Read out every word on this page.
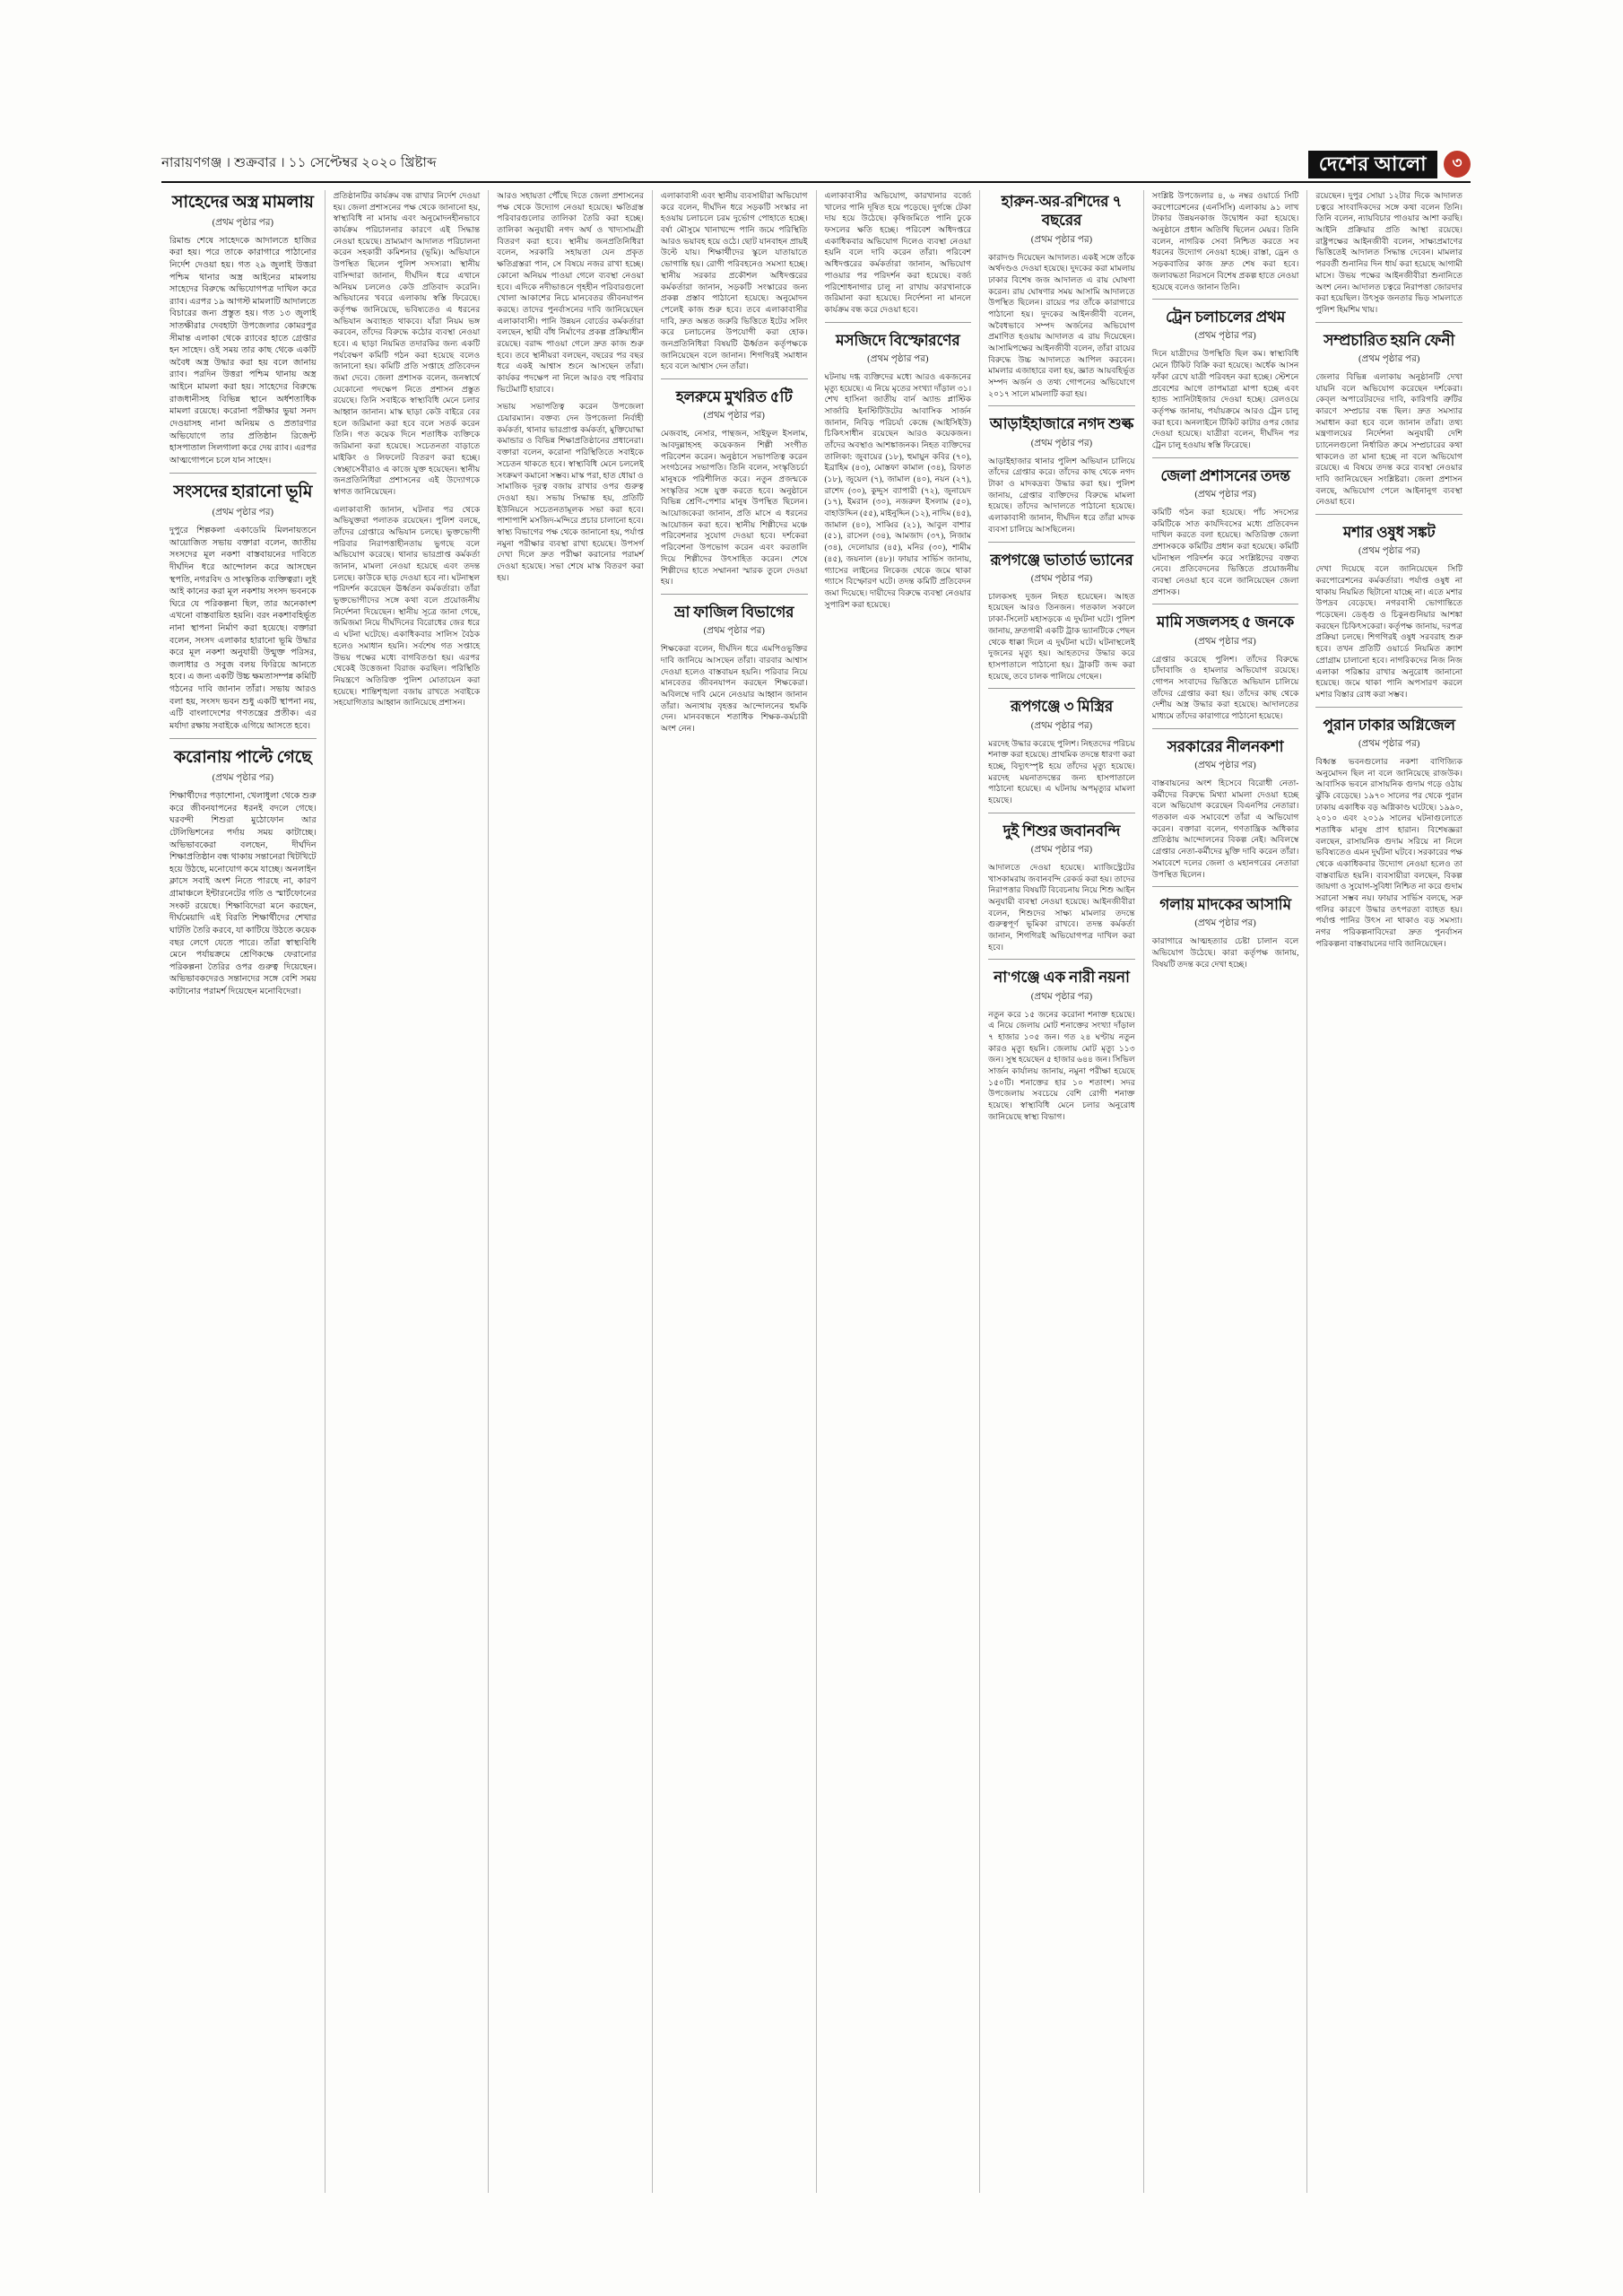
নারায়ণগঞ্জ । শুক্রবার । ১১ সেপ্টেম্বর ২০২০ খ্রিষ্টাব্দ	দেশের আলো	৩
সাহেদের অস্ত্র মামলায়
(প্রথম পৃষ্ঠার পর)

রিমান্ড শেষে সাহেদকে আদালতে হাজির করা হয়। পরে তাকে কারাগারে পাঠানোর নির্দেশ দেওয়া হয়। গত ২৯ জুলাই উত্তরা পশ্চিম থানার অস্ত্র আইনের মামলায় সাহেদের বিরুদ্ধে অভিযোগপত্র দাখিল করে র‍্যাব। এরপর ১৯ আগস্ট মামলাটি আদালতে বিচারের জন্য প্রস্তুত হয়। গত ১৩ জুলাই সাতক্ষীরার দেবহাটা উপজেলার কোমরপুর সীমান্ত এলাকা থেকে র‍্যাবের হাতে গ্রেপ্তার হন সাহেদ। ওই সময় তার কাছ থেকে একটি অবৈধ অস্ত্র উদ্ধার করা হয় বলে জানায় র‍্যাব। পরদিন উত্তরা পশ্চিম থানায় অস্ত্র আইনে মামলা করা হয়। সাহেদের বিরুদ্ধে রাজধানীসহ বিভিন্ন স্থানে অর্ধশতাধিক মামলা রয়েছে। করোনা পরীক্ষার ভুয়া সনদ দেওয়াসহ নানা অনিয়ম ও প্রতারণার অভিযোগে তার প্রতিষ্ঠান রিজেন্ট হাসপাতাল সিলগালা করে দেয় র‍্যাব। এরপর আত্মগোপনে চলে যান সাহেদ।

সংসদের হারানো ভূমি
(প্রথম পৃষ্ঠার পর)

দুপুরে শিল্পকলা একাডেমি মিলনায়তনে আয়োজিত সভায় বক্তারা বলেন, জাতীয় সংসদের মূল নকশা বাস্তবায়নের দাবিতে দীর্ঘদিন ধরে আন্দোলন করে আসছেন স্থপতি, নগরবিদ ও সাংস্কৃতিক ব্যক্তিত্বরা। লুই আই কানের করা মূল নকশায় সংসদ ভবনকে ঘিরে যে পরিকল্পনা ছিল, তার অনেকাংশ এখনো বাস্তবায়িত হয়নি। বরং নকশাবহির্ভূত নানা স্থাপনা নির্মাণ করা হয়েছে। বক্তারা বলেন, সংসদ এলাকার হারানো ভূমি উদ্ধার করে মূল নকশা অনুযায়ী উন্মুক্ত পরিসর, জলাধার ও সবুজ বলয় ফিরিয়ে আনতে হবে। এ জন্য একটি উচ্চ ক্ষমতাসম্পন্ন কমিটি গঠনের দাবি জানান তাঁরা। সভায় আরও বলা হয়, সংসদ ভবন শুধু একটি স্থাপনা নয়, এটি বাংলাদেশের গণতন্ত্রের প্রতীক। এর মর্যাদা রক্ষায় সবাইকে এগিয়ে আসতে হবে।

করোনায় পাল্টে গেছে
(প্রথম পৃষ্ঠার পর)

শিক্ষার্থীদের পড়াশোনা, খেলাধুলা থেকে শুরু করে জীবনযাপনের ধরনই বদলে গেছে। ঘরবন্দী শিশুরা মুঠোফোন আর টেলিভিশনের পর্দায় সময় কাটাচ্ছে। অভিভাবকেরা বলছেন, দীর্ঘদিন শিক্ষাপ্রতিষ্ঠান বন্ধ থাকায় সন্তানেরা খিটখিটে হয়ে উঠছে, মনোযোগ কমে যাচ্ছে। অনলাইন ক্লাসে সবাই অংশ নিতে পারছে না, কারণ গ্রামাঞ্চলে ইন্টারনেটের গতি ও স্মার্টফোনের সংকট রয়েছে। শিক্ষাবিদেরা মনে করছেন, দীর্ঘমেয়াদি এই বিরতি শিক্ষার্থীদের শেখার ঘাটতি তৈরি করবে, যা কাটিয়ে উঠতে কয়েক বছর লেগে যেতে পারে। তাঁরা স্বাস্থ্যবিধি মেনে পর্যায়ক্রমে শ্রেণিকক্ষে ফেরানোর পরিকল্পনা তৈরির ওপর গুরুত্ব দিয়েছেন। অভিভাবকদেরও সন্তানদের সঙ্গে বেশি সময় কাটানোর পরামর্শ দিয়েছেন মনোবিদেরা।

প্রতিষ্ঠানটির কার্যক্রম বন্ধ রাখার নির্দেশ দেওয়া হয়। জেলা প্রশাসনের পক্ষ থেকে জানানো হয়, স্বাস্থ্যবিধি না মানায় এবং অনুমোদনহীনভাবে কার্যক্রম পরিচালনার কারণে এই সিদ্ধান্ত নেওয়া হয়েছে। ভ্রাম্যমাণ আদালত পরিচালনা করেন সহকারী কমিশনার (ভূমি)। অভিযানে উপস্থিত ছিলেন পুলিশ সদস্যরা। স্থানীয় বাসিন্দারা জানান, দীর্ঘদিন ধরে এখানে অনিয়ম চললেও কেউ প্রতিবাদ করেনি। অভিযানের খবরে এলাকায় স্বস্তি ফিরেছে। কর্তৃপক্ষ জানিয়েছে, ভবিষ্যতেও এ ধরনের অভিযান অব্যাহত থাকবে। যাঁরা নিয়ম ভঙ্গ করবেন, তাঁদের বিরুদ্ধে কঠোর ব্যবস্থা নেওয়া হবে। এ ছাড়া নিয়মিত তদারকির জন্য একটি পর্যবেক্ষণ কমিটি গঠন করা হয়েছে বলেও জানানো হয়। কমিটি প্রতি সপ্তাহে প্রতিবেদন জমা দেবে। জেলা প্রশাসক বলেন, জনস্বার্থে যেকোনো পদক্ষেপ নিতে প্রশাসন প্রস্তুত রয়েছে। তিনি সবাইকে স্বাস্থ্যবিধি মেনে চলার আহ্বান জানান। মাস্ক ছাড়া কেউ বাইরে বের হলে জরিমানা করা হবে বলে সতর্ক করেন তিনি। গত কয়েক দিনে শতাধিক ব্যক্তিকে জরিমানা করা হয়েছে। সচেতনতা বাড়াতে মাইকিং ও লিফলেট বিতরণ করা হচ্ছে। স্বেচ্ছাসেবীরাও এ কাজে যুক্ত হয়েছেন। স্থানীয় জনপ্রতিনিধিরা প্রশাসনের এই উদ্যোগকে স্বাগত জানিয়েছেন।

এলাকাবাসী জানান, ঘটনার পর থেকে অভিযুক্তরা পলাতক রয়েছেন। পুলিশ বলছে, তাঁদের গ্রেপ্তারে অভিযান চলছে। ভুক্তভোগী পরিবার নিরাপত্তাহীনতায় ভুগছে বলে অভিযোগ করেছে। থানার ভারপ্রাপ্ত কর্মকর্তা জানান, মামলা নেওয়া হয়েছে এবং তদন্ত চলছে। কাউকে ছাড় দেওয়া হবে না। ঘটনাস্থল পরিদর্শন করেছেন ঊর্ধ্বতন কর্মকর্তারা। তাঁরা ভুক্তভোগীদের সঙ্গে কথা বলে প্রয়োজনীয় নির্দেশনা দিয়েছেন। স্থানীয় সূত্রে জানা গেছে, জমিজমা নিয়ে দীর্ঘদিনের বিরোধের জের ধরে এ ঘটনা ঘটেছে। একাধিকবার সালিস বৈঠক হলেও সমাধান হয়নি। সর্বশেষ গত সপ্তাহে উভয় পক্ষের মধ্যে বাগবিতণ্ডা হয়। এরপর থেকেই উত্তেজনা বিরাজ করছিল। পরিস্থিতি নিয়ন্ত্রণে অতিরিক্ত পুলিশ মোতায়েন করা হয়েছে। শান্তিশৃঙ্খলা বজায় রাখতে সবাইকে সহযোগিতার আহ্বান জানিয়েছে প্রশাসন।

আরও সহায়তা পৌঁছে দিতে জেলা প্রশাসনের পক্ষ থেকে উদ্যোগ নেওয়া হয়েছে। ক্ষতিগ্রস্ত পরিবারগুলোর তালিকা তৈরি করা হচ্ছে। তালিকা অনুযায়ী নগদ অর্থ ও খাদ্যসামগ্রী বিতরণ করা হবে। স্থানীয় জনপ্রতিনিধিরা বলেন, সরকারি সহায়তা যেন প্রকৃত ক্ষতিগ্রস্তরা পান, সে বিষয়ে নজর রাখা হচ্ছে। কোনো অনিয়ম পাওয়া গেলে ব্যবস্থা নেওয়া হবে। এদিকে নদীভাঙনে গৃহহীন পরিবারগুলো খোলা আকাশের নিচে মানবেতর জীবনযাপন করছে। তাদের পুনর্বাসনের দাবি জানিয়েছেন এলাকাবাসী। পানি উন্নয়ন বোর্ডের কর্মকর্তারা বলছেন, স্থায়ী বাঁধ নির্মাণের প্রকল্প প্রক্রিয়াধীন রয়েছে। বরাদ্দ পাওয়া গেলে দ্রুত কাজ শুরু হবে। তবে স্থানীয়রা বলছেন, বছরের পর বছর ধরে একই আশ্বাস শুনে আসছেন তাঁরা। কার্যকর পদক্ষেপ না নিলে আরও বহু পরিবার ভিটেমাটি হারাবে।

সভায় সভাপতিত্ব করেন উপজেলা চেয়ারম্যান। বক্তব্য দেন উপজেলা নির্বাহী কর্মকর্তা, থানার ভারপ্রাপ্ত কর্মকর্তা, মুক্তিযোদ্ধা কমান্ডার ও বিভিন্ন শিক্ষাপ্রতিষ্ঠানের প্রধানেরা। বক্তারা বলেন, করোনা পরিস্থিতিতে সবাইকে সচেতন থাকতে হবে। স্বাস্থ্যবিধি মেনে চললেই সংক্রমণ কমানো সম্ভব। মাস্ক পরা, হাত ধোয়া ও সামাজিক দূরত্ব বজায় রাখার ওপর গুরুত্ব দেওয়া হয়। সভায় সিদ্ধান্ত হয়, প্রতিটি ইউনিয়নে সচেতনতামূলক সভা করা হবে। পাশাপাশি মসজিদ-মন্দিরে প্রচার চালানো হবে। স্বাস্থ্য বিভাগের পক্ষ থেকে জানানো হয়, পর্যাপ্ত নমুনা পরীক্ষার ব্যবস্থা রাখা হয়েছে। উপসর্গ দেখা দিলে দ্রুত পরীক্ষা করানোর পরামর্শ দেওয়া হয়েছে। সভা শেষে মাস্ক বিতরণ করা হয়।

এলাকাবাসী এবং স্থানীয় ব্যবসায়ীরা অভিযোগ করে বলেন, দীর্ঘদিন ধরে সড়কটি সংস্কার না হওয়ায় চলাচলে চরম দুর্ভোগ পোহাতে হচ্ছে। বর্ষা মৌসুমে খানাখন্দে পানি জমে পরিস্থিতি আরও ভয়াবহ হয়ে ওঠে। ছোট যানবাহন প্রায়ই উল্টে যায়। শিক্ষার্থীদের স্কুলে যাতায়াতে ভোগান্তি হয়। রোগী পরিবহনেও সমস্যা হচ্ছে। স্থানীয় সরকার প্রকৌশল অধিদপ্তরের কর্মকর্তারা জানান, সড়কটি সংস্কারের জন্য প্রকল্প প্রস্তাব পাঠানো হয়েছে। অনুমোদন পেলেই কাজ শুরু হবে। তবে এলাকাবাসীর দাবি, দ্রুত অন্তত জরুরি ভিত্তিতে ইটের সলিং করে চলাচলের উপযোগী করা হোক। জনপ্রতিনিধিরা বিষয়টি ঊর্ধ্বতন কর্তৃপক্ষকে জানিয়েছেন বলে জানান। শিগগিরই সমাধান হবে বলে আশ্বাস দেন তাঁরা।

হলরুমে মুখরিত ৫টি
(প্রথম পৃষ্ঠার পর)

মেজবাহ, নেসার, পান্থজন, সাইফুল ইসলাম, আবদুল্লাহসহ কয়েকজন শিল্পী সংগীত পরিবেশন করেন। অনুষ্ঠানে সভাপতিত্ব করেন সংগঠনের সভাপতি। তিনি বলেন, সংস্কৃতিচর্চা মানুষকে পরিশীলিত করে। নতুন প্রজন্মকে সংস্কৃতির সঙ্গে যুক্ত করতে হবে। অনুষ্ঠানে বিভিন্ন শ্রেণি-পেশার মানুষ উপস্থিত ছিলেন। আয়োজকেরা জানান, প্রতি মাসে এ ধরনের আয়োজন করা হবে। স্থানীয় শিল্পীদের মঞ্চে পরিবেশনার সুযোগ দেওয়া হবে। দর্শকেরা পরিবেশনা উপভোগ করেন এবং করতালি দিয়ে শিল্পীদের উৎসাহিত করেন। শেষে শিল্পীদের হাতে সম্মাননা স্মারক তুলে দেওয়া হয়।

ভ্রা ফাজিল বিভাগের
(প্রথম পৃষ্ঠার পর)

শিক্ষকেরা বলেন, দীর্ঘদিন ধরে এমপিওভুক্তির দাবি জানিয়ে আসছেন তাঁরা। বারবার আশ্বাস দেওয়া হলেও বাস্তবায়ন হয়নি। পরিবার নিয়ে মানবেতর জীবনযাপন করছেন শিক্ষকেরা। অবিলম্বে দাবি মেনে নেওয়ার আহ্বান জানান তাঁরা। অন্যথায় বৃহত্তর আন্দোলনের হুমকি দেন। মানববন্ধনে শতাধিক শিক্ষক-কর্মচারী অংশ নেন।

এলাকাবাসীর অভিযোগ, কারখানার বর্জ্যে খালের পানি দূষিত হয়ে পড়েছে। দুর্গন্ধে টেকা দায় হয়ে উঠেছে। কৃষিজমিতে পানি ঢুকে ফসলের ক্ষতি হচ্ছে। পরিবেশ অধিদপ্তরে একাধিকবার অভিযোগ দিলেও ব্যবস্থা নেওয়া হয়নি বলে দাবি করেন তাঁরা। পরিবেশ অধিদপ্তরের কর্মকর্তারা জানান, অভিযোগ পাওয়ার পর পরিদর্শন করা হয়েছে। বর্জ্য পরিশোধনাগার চালু না রাখায় কারখানাকে জরিমানা করা হয়েছে। নির্দেশনা না মানলে কার্যক্রম বন্ধ করে দেওয়া হবে।

মসজিদে বিস্ফোরণের
(প্রথম পৃষ্ঠার পর)

ঘটনায় দগ্ধ ব্যক্তিদের মধ্যে আরও একজনের মৃত্যু হয়েছে। এ নিয়ে মৃতের সংখ্যা দাঁড়াল ৩১। শেখ হাসিনা জাতীয় বার্ন অ্যান্ড প্লাস্টিক সার্জারি ইনস্টিটিউটের আবাসিক সার্জন জানান, নিবিড় পরিচর্যা কেন্দ্রে (আইসিইউ) চিকিৎসাধীন রয়েছেন আরও কয়েকজন। তাঁদের অবস্থাও আশঙ্কাজনক। নিহত ব্যক্তিদের তালিকা: জুবায়ের (১৮), হুমায়ুন কবির (৭০), ইব্রাহিম (৪৩), মোস্তফা কামাল (৩৪), রিফাত (১৮), জুয়েল (৭), জামাল (৪০), নয়ন (২৭), রাশেদ (৩০), কুদ্দুস ব্যাপারী (৭২), জুনায়েদ (১৭), ইমরান (৩০), নজরুল ইসলাম (৫০), বাহাউদ্দিন (৫৫), মাইনুদ্দিন (১২), নাদিম (৪৫), জামাল (৪০), সাব্বির (২১), আবুল বাশার (৫১), রাসেল (৩৪), আমজাদ (৩৭), নিজাম (৩৪), দেলোয়ার (৪৫), মনির (৩০), শামীম (৪৫), জয়নাল (৪৮)। ফায়ার সার্ভিস জানায়, গ্যাসের লাইনের লিকেজ থেকে জমে থাকা গ্যাসে বিস্ফোরণ ঘটে। তদন্ত কমিটি প্রতিবেদন জমা দিয়েছে। দায়ীদের বিরুদ্ধে ব্যবস্থা নেওয়ার সুপারিশ করা হয়েছে।

হারুন-অর-রশিদের ৭ বছরের
(প্রথম পৃষ্ঠার পর)

কারাদণ্ড দিয়েছেন আদালত। একই সঙ্গে তাঁকে অর্থদণ্ডও দেওয়া হয়েছে। দুদকের করা মামলায় ঢাকার বিশেষ জজ আদালত এ রায় ঘোষণা করেন। রায় ঘোষণার সময় আসামি আদালতে উপস্থিত ছিলেন। রায়ের পর তাঁকে কারাগারে পাঠানো হয়। দুদকের আইনজীবী বলেন, অবৈধভাবে সম্পদ অর্জনের অভিযোগ প্রমাণিত হওয়ায় আদালত এ রায় দিয়েছেন। আসামিপক্ষের আইনজীবী বলেন, তাঁরা রায়ের বিরুদ্ধে উচ্চ আদালতে আপিল করবেন। মামলার এজাহারে বলা হয়, জ্ঞাত আয়বহির্ভূত সম্পদ অর্জন ও তথ্য গোপনের অভিযোগে ২০১৭ সালে মামলাটি করা হয়।

আড়াইহাজারে নগদ শুল্ক
(প্রথম পৃষ্ঠার পর)

আড়াইহাজার থানার পুলিশ অভিযান চালিয়ে তাঁদের গ্রেপ্তার করে। তাঁদের কাছ থেকে নগদ টাকা ও মাদকদ্রব্য উদ্ধার করা হয়। পুলিশ জানায়, গ্রেপ্তার ব্যক্তিদের বিরুদ্ধে মামলা হয়েছে। তাঁদের আদালতে পাঠানো হয়েছে। এলাকাবাসী জানান, দীর্ঘদিন ধরে তাঁরা মাদক ব্যবসা চালিয়ে আসছিলেন।

রূপগঞ্জে ভাতার্ড ভ্যানের
(প্রথম পৃষ্ঠার পর)

চালকসহ দুজন নিহত হয়েছেন। আহত হয়েছেন আরও তিনজন। গতকাল সকালে ঢাকা-সিলেট মহাসড়কে এ দুর্ঘটনা ঘটে। পুলিশ জানায়, দ্রুতগামী একটি ট্রাক ভ্যানটিকে পেছন থেকে ধাক্কা দিলে এ দুর্ঘটনা ঘটে। ঘটনাস্থলেই দুজনের মৃত্যু হয়। আহতদের উদ্ধার করে হাসপাতালে পাঠানো হয়। ট্রাকটি জব্দ করা হয়েছে, তবে চালক পালিয়ে গেছেন।

রূপগঞ্জে ৩ মিস্ত্রির
(প্রথম পৃষ্ঠার পর)

মরদেহ উদ্ধার করেছে পুলিশ। নিহতদের পরিচয় শনাক্ত করা হয়েছে। প্রাথমিক তদন্তে ধারণা করা হচ্ছে, বিদ্যুৎস্পৃষ্ট হয়ে তাঁদের মৃত্যু হয়েছে। মরদেহ ময়নাতদন্তের জন্য হাসপাতালে পাঠানো হয়েছে। এ ঘটনায় অপমৃত্যুর মামলা হয়েছে।

দুই শিশুর জবানবন্দি
(প্রথম পৃষ্ঠার পর)

আদালতে দেওয়া হয়েছে। ম্যাজিস্ট্রেটের খাসকামরায় জবানবন্দি রেকর্ড করা হয়। তাদের নিরাপত্তার বিষয়টি বিবেচনায় নিয়ে শিশু আইন অনুযায়ী ব্যবস্থা নেওয়া হয়েছে। আইনজীবীরা বলেন, শিশুদের সাক্ষ্য মামলার তদন্তে গুরুত্বপূর্ণ ভূমিকা রাখবে। তদন্ত কর্মকর্তা জানান, শিগগিরই অভিযোগপত্র দাখিল করা হবে।

না'গঞ্জে এক নারী নয়না
(প্রথম পৃষ্ঠার পর)

নতুন করে ১৫ জনের করোনা শনাক্ত হয়েছে। এ নিয়ে জেলায় মোট শনাক্তের সংখ্যা দাঁড়াল ৭ হাজার ১০৫ জন। গত ২৪ ঘণ্টায় নতুন কারও মৃত্যু হয়নি। জেলায় মোট মৃত্যু ১১৩ জন। সুস্থ হয়েছেন ৫ হাজার ৬৪৪ জন। সিভিল সার্জন কার্যালয় জানায়, নমুনা পরীক্ষা হয়েছে ১৫০টি। শনাক্তের হার ১০ শতাংশ। সদর উপজেলায় সবচেয়ে বেশি রোগী শনাক্ত হয়েছে। স্বাস্থ্যবিধি মেনে চলার অনুরোধ জানিয়েছে স্বাস্থ্য বিভাগ।

সংশ্লিষ্ট উপজেলার ৪, ৬ নম্বর ওয়ার্ডে সিটি করপোরেশনের (এনসিসি) এলাকায় ৯১ লাখ টাকার উন্নয়নকাজ উদ্বোধন করা হয়েছে। অনুষ্ঠানে প্রধান অতিথি ছিলেন মেয়র। তিনি বলেন, নাগরিক সেবা নিশ্চিত করতে সব ধরনের উদ্যোগ নেওয়া হচ্ছে। রাস্তা, ড্রেন ও সড়কবাতির কাজ দ্রুত শেষ করা হবে। জলাবদ্ধতা নিরসনে বিশেষ প্রকল্প হাতে নেওয়া হয়েছে বলেও জানান তিনি।

ট্রেন চলাচলের প্রথম
(প্রথম পৃষ্ঠার পর)

দিনে যাত্রীদের উপস্থিতি ছিল কম। স্বাস্থ্যবিধি মেনে টিকিট বিক্রি করা হয়েছে। অর্ধেক আসন ফাঁকা রেখে যাত্রী পরিবহন করা হচ্ছে। স্টেশনে প্রবেশের আগে তাপমাত্রা মাপা হচ্ছে এবং হ্যান্ড স্যানিটাইজার দেওয়া হচ্ছে। রেলওয়ে কর্তৃপক্ষ জানায়, পর্যায়ক্রমে আরও ট্রেন চালু করা হবে। অনলাইনে টিকিট কাটার ওপর জোর দেওয়া হয়েছে। যাত্রীরা বলেন, দীর্ঘদিন পর ট্রেন চালু হওয়ায় স্বস্তি ফিরেছে।

জেলা প্রশাসনের তদন্ত
(প্রথম পৃষ্ঠার পর)

কমিটি গঠন করা হয়েছে। পাঁচ সদস্যের কমিটিকে সাত কার্যদিবসের মধ্যে প্রতিবেদন দাখিল করতে বলা হয়েছে। অতিরিক্ত জেলা প্রশাসককে কমিটির প্রধান করা হয়েছে। কমিটি ঘটনাস্থল পরিদর্শন করে সংশ্লিষ্টদের বক্তব্য নেবে। প্রতিবেদনের ভিত্তিতে প্রয়োজনীয় ব্যবস্থা নেওয়া হবে বলে জানিয়েছেন জেলা প্রশাসক।

মামি সজলসহ ৫ জনকে
(প্রথম পৃষ্ঠার পর)

গ্রেপ্তার করেছে পুলিশ। তাঁদের বিরুদ্ধে চাঁদাবাজি ও হামলার অভিযোগ রয়েছে। গোপন সংবাদের ভিত্তিতে অভিযান চালিয়ে তাঁদের গ্রেপ্তার করা হয়। তাঁদের কাছ থেকে দেশীয় অস্ত্র উদ্ধার করা হয়েছে। আদালতের মাধ্যমে তাঁদের কারাগারে পাঠানো হয়েছে।

সরকারের নীলনকশা
(প্রথম পৃষ্ঠার পর)

বাস্তবায়নের অংশ হিসেবে বিরোধী নেতা-কর্মীদের বিরুদ্ধে মিথ্যা মামলা দেওয়া হচ্ছে বলে অভিযোগ করেছেন বিএনপির নেতারা। গতকাল এক সমাবেশে তাঁরা এ অভিযোগ করেন। বক্তারা বলেন, গণতান্ত্রিক অধিকার প্রতিষ্ঠায় আন্দোলনের বিকল্প নেই। অবিলম্বে গ্রেপ্তার নেতা-কর্মীদের মুক্তি দাবি করেন তাঁরা। সমাবেশে দলের জেলা ও মহানগরের নেতারা উপস্থিত ছিলেন।

গলায় মাদকের আসামি
(প্রথম পৃষ্ঠার পর)

কারাগারে আত্মহত্যার চেষ্টা চালান বলে অভিযোগ উঠেছে। কারা কর্তৃপক্ষ জানায়, বিষয়টি তদন্ত করে দেখা হচ্ছে।

রয়েছেন। দুপুর সোয়া ১২টার দিকে আদালত চত্বরে সাংবাদিকদের সঙ্গে কথা বলেন তিনি। তিনি বলেন, ন্যায়বিচার পাওয়ার আশা করছি। আইনি প্রক্রিয়ার প্রতি আস্থা রয়েছে। রাষ্ট্রপক্ষের আইনজীবী বলেন, সাক্ষ্যপ্রমাণের ভিত্তিতেই আদালত সিদ্ধান্ত দেবেন। মামলার পরবর্তী শুনানির দিন ধার্য করা হয়েছে আগামী মাসে। উভয় পক্ষের আইনজীবীরা শুনানিতে অংশ নেন। আদালত চত্বরে নিরাপত্তা জোরদার করা হয়েছিল। উৎসুক জনতার ভিড় সামলাতে পুলিশ হিমশিম খায়।

সম্প্রচারিত হয়নি ফেনী
(প্রথম পৃষ্ঠার পর)

জেলার বিভিন্ন এলাকায় অনুষ্ঠানটি দেখা যায়নি বলে অভিযোগ করেছেন দর্শকেরা। কেব্‌ল অপারেটরদের দাবি, কারিগরি ত্রুটির কারণে সম্প্রচার বন্ধ ছিল। দ্রুত সমস্যার সমাধান করা হবে বলে জানান তাঁরা। তথ্য মন্ত্রণালয়ের নির্দেশনা অনুযায়ী দেশি চ্যানেলগুলো নির্ধারিত ক্রমে সম্প্রচারের কথা থাকলেও তা মানা হচ্ছে না বলে অভিযোগ রয়েছে। এ বিষয়ে তদন্ত করে ব্যবস্থা নেওয়ার দাবি জানিয়েছেন সংশ্লিষ্টরা। জেলা প্রশাসন বলছে, অভিযোগ পেলে আইনানুগ ব্যবস্থা নেওয়া হবে।

মশার ওষুধ সঙ্কট
(প্রথম পৃষ্ঠার পর)

দেখা দিয়েছে বলে জানিয়েছেন সিটি করপোরেশনের কর্মকর্তারা। পর্যাপ্ত ওষুধ না থাকায় নিয়মিত ছিটানো যাচ্ছে না। এতে মশার উপদ্রব বেড়েছে। নগরবাসী ভোগান্তিতে পড়েছেন। ডেঙ্গু ও চিকুনগুনিয়ার আশঙ্কা করছেন চিকিৎসকেরা। কর্তৃপক্ষ জানায়, দরপত্র প্রক্রিয়া চলছে। শিগগিরই ওষুধ সরবরাহ শুরু হবে। তখন প্রতিটি ওয়ার্ডে নিয়মিত ক্র্যাশ প্রোগ্রাম চালানো হবে। নাগরিকদের নিজ নিজ এলাকা পরিষ্কার রাখার অনুরোধ জানানো হয়েছে। জমে থাকা পানি অপসারণ করলে মশার বিস্তার রোধ করা সম্ভব।

পুরান ঢাকার অগ্নিজেল
(প্রথম পৃষ্ঠার পর)

বিধ্বস্ত ভবনগুলোর নকশা বাণিজ্যিক অনুমোদন ছিল না বলে জানিয়েছে রাজউক। আবাসিক ভবনে রাসায়নিক গুদাম গড়ে ওঠায় ঝুঁকি বেড়েছে। ১৯৭০ সালের পর থেকে পুরান ঢাকায় একাধিক বড় অগ্নিকাণ্ড ঘটেছে। ১৯৯০, ২০১০ এবং ২০১৯ সালের ঘটনাগুলোতে শতাধিক মানুষ প্রাণ হারান। বিশেষজ্ঞরা বলছেন, রাসায়নিক গুদাম সরিয়ে না নিলে ভবিষ্যতেও এমন দুর্ঘটনা ঘটবে। সরকারের পক্ষ থেকে একাধিকবার উদ্যোগ নেওয়া হলেও তা বাস্তবায়িত হয়নি। ব্যবসায়ীরা বলছেন, বিকল্প জায়গা ও সুযোগ-সুবিধা নিশ্চিত না করে গুদাম সরানো সম্ভব নয়। ফায়ার সার্ভিস বলছে, সরু গলির কারণে উদ্ধার তৎপরতা ব্যাহত হয়। পর্যাপ্ত পানির উৎস না থাকাও বড় সমস্যা। নগর পরিকল্পনাবিদেরা দ্রুত পুনর্বাসন পরিকল্পনা বাস্তবায়নের দাবি জানিয়েছেন।
